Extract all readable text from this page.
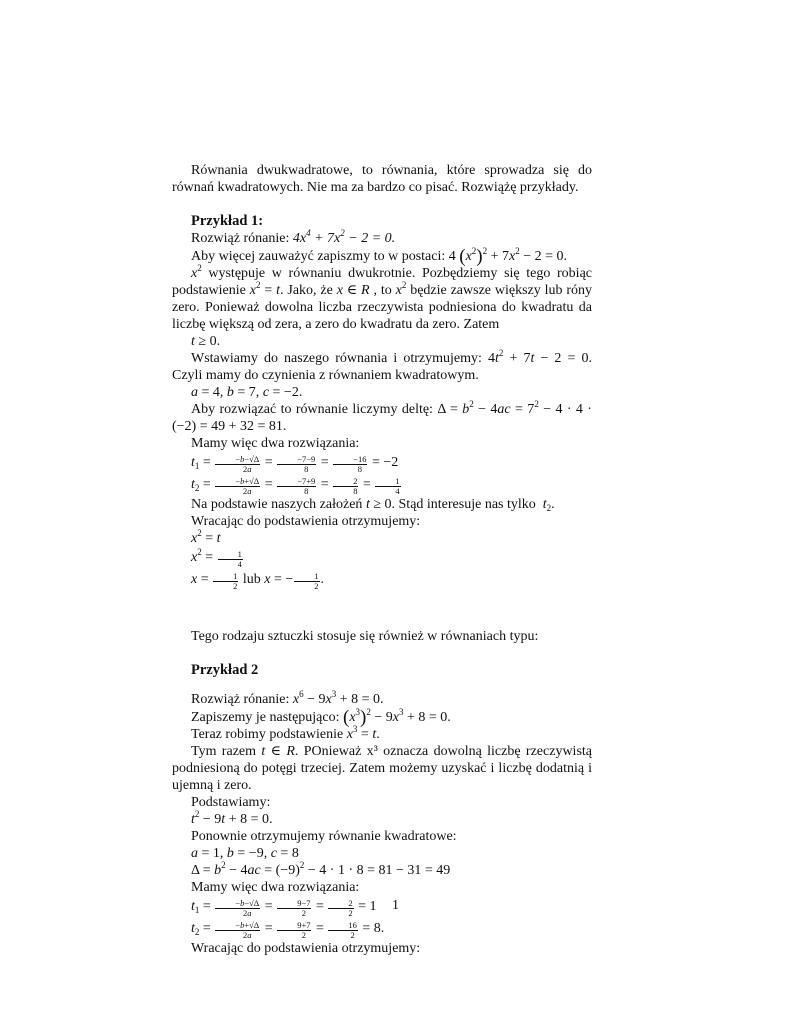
Równania dwukwadratowe, to równania, które sprowadza się do równań kwadratowych. Nie ma za bardzo co pisać. Rozwiążę przykłady.

Przykład 1:

Rozwiąż rónanie: $4x^4 + 7x^2 - 2 = 0$.

Aby więcej zauważyć zapiszmy to w postaci: 4 $(x^2)^2 + 7x^2 - 2 = 0$.

$x^2$ występuje w równaniu dwukrotnie. Pozbędziemy się tego robiąc podstawienie $x^2 = t$. Jako, że x ∈ R , to $x^2$ będzie zawsze większy lub róny zero. Ponieważ dowolna liczba rzeczywista podniesiona do kwadratu da liczbę większą od zera, a zero do kwadratu da zero. Zatem

t ≥ 0.

Wstawiamy do naszego równania i otrzymujemy: $4t^2 + 7t - 2 = 0$. Czyli mamy do czynienia z równaniem kwadratowym.

a = 4, b = 7, c = −2.

Aby rozwiązać to równanie liczymy deltę: $\Delta = b^2 - 4ac = 7^2 - 4 \cdot 4 \cdot (-2) = 49 + 32 = 81$.

Mamy więc dwa rozwiązania:

$t_1 = \frac{-b-√\Delta}{2a} = \frac{-7-9}{8} = \frac{-16}{8} = -2$

$t_2 = \frac{-b+√\Delta}{2a} = \frac{-7+9}{8} = \frac{2}{8} = \frac{1}{4}$

Na podstawie naszych założeń t ≥ 0. Stąd interesuje nas tylko $t_2$.

Wracając do podstawienia otrzymujemy:

$x^2 = t$

$x^2 = \frac{1}{4}$

$x = \frac{1}{2}$ lub x = − $\frac{1}{2}$ .

Tego rodzaju sztuczki stosuje się również w równaniach typu:

Przykład 2

Rozwiąż rónanie: $x^6 - 9x^3 + 8 = 0$.

Zapiszemy je następująco: $(x^3)^2 - 9x^3 + 8 = 0$.

Teraz robimy podstawienie $x^3 = t$.

Tym razem t ∈ R. POnieważ x³ oznacza dowolną liczbę rzeczywistą podniesioną do potęgi trzeciej. Zatem możemy uzyskać i liczbę dodatnią i ujemną i zero.

Podstawiamy:

$t^2 - 9t + 8 = 0$.

Ponownie otrzymujemy równanie kwadratowe:

a = 1, b = −9, c = 8

$\Delta = b^2 - 4ac = (-9)^2 - 4 \cdot 1 \cdot 8 = 81 - 31 = 49$

Mamy więc dwa rozwiązania:

$t_1 = \frac{-b-√\Delta}{2a} = \frac{9-7}{2} = \frac{2}{2} = 1$

$t_2 = \frac{-b+√\Delta}{2a} = \frac{9+7}{2} = \frac{16}{2} = 8$.

Wracając do podstawienia otrzymujemy:

1
